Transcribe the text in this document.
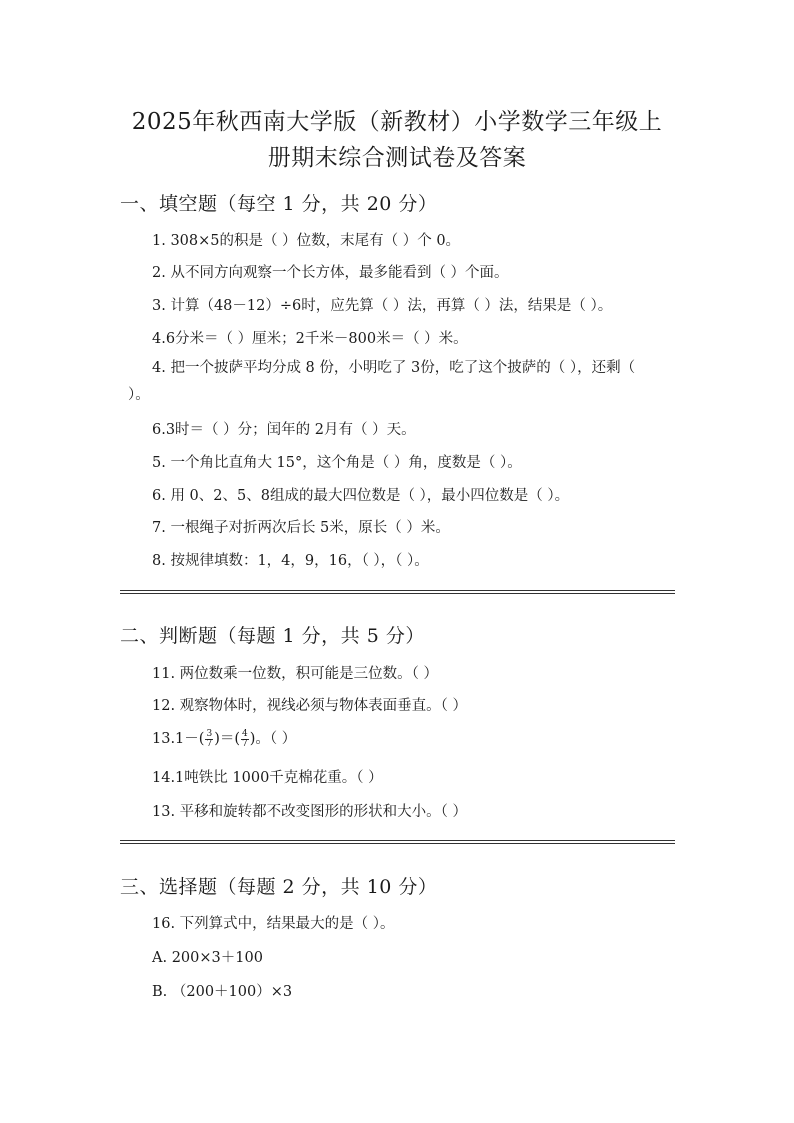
2025年秋西南大学版（新教材）小学数学三年级上
册期末综合测试卷及答案
一、填空题（每空 1 分，共 20 分）
1. 308×5的积是（ ）位数，末尾有（ ）个 0。
2. 从不同方向观察一个长方体，最多能看到（ ）个面。
3. 计算（48－12）÷6时，应先算（ ）法，再算（ ）法，结果是（ ）。
4.6分米＝（ ）厘米；2千米－800米＝（ ）米。
4. 把一个披萨平均分成 8 份，小明吃了 3份，吃了这个披萨的（ ），还剩（ ）。
6.3时＝（ ）分；闰年的 2月有（ ）天。
5. 一个角比直角大 15°，这个角是（ ）角，度数是（ ）。
6. 用 0、2、5、8组成的最大四位数是（ ），最小四位数是（ ）。
7. 一根绳子对折两次后长 5米，原长（ ）米。
8. 按规律填数：1，4，9，16，（ ），（ ）。
二、判断题（每题 1 分，共 5 分）
11. 两位数乘一位数，积可能是三位数。（ ）
12. 观察物体时，视线必须与物体表面垂直。（ ）
$13.1-( \frac{3}{7}$ )＝( $\frac{4}{7}$ )。（ ）
14.1吨铁比 1000千克棉花重。（ ）
13. 平移和旋转都不改变图形的形状和大小。（ ）
三、选择题（每题 2 分，共 10 分）
16. 下列算式中，结果最大的是（ ）。
A. 200×3＋100
B. （200＋100）×3
